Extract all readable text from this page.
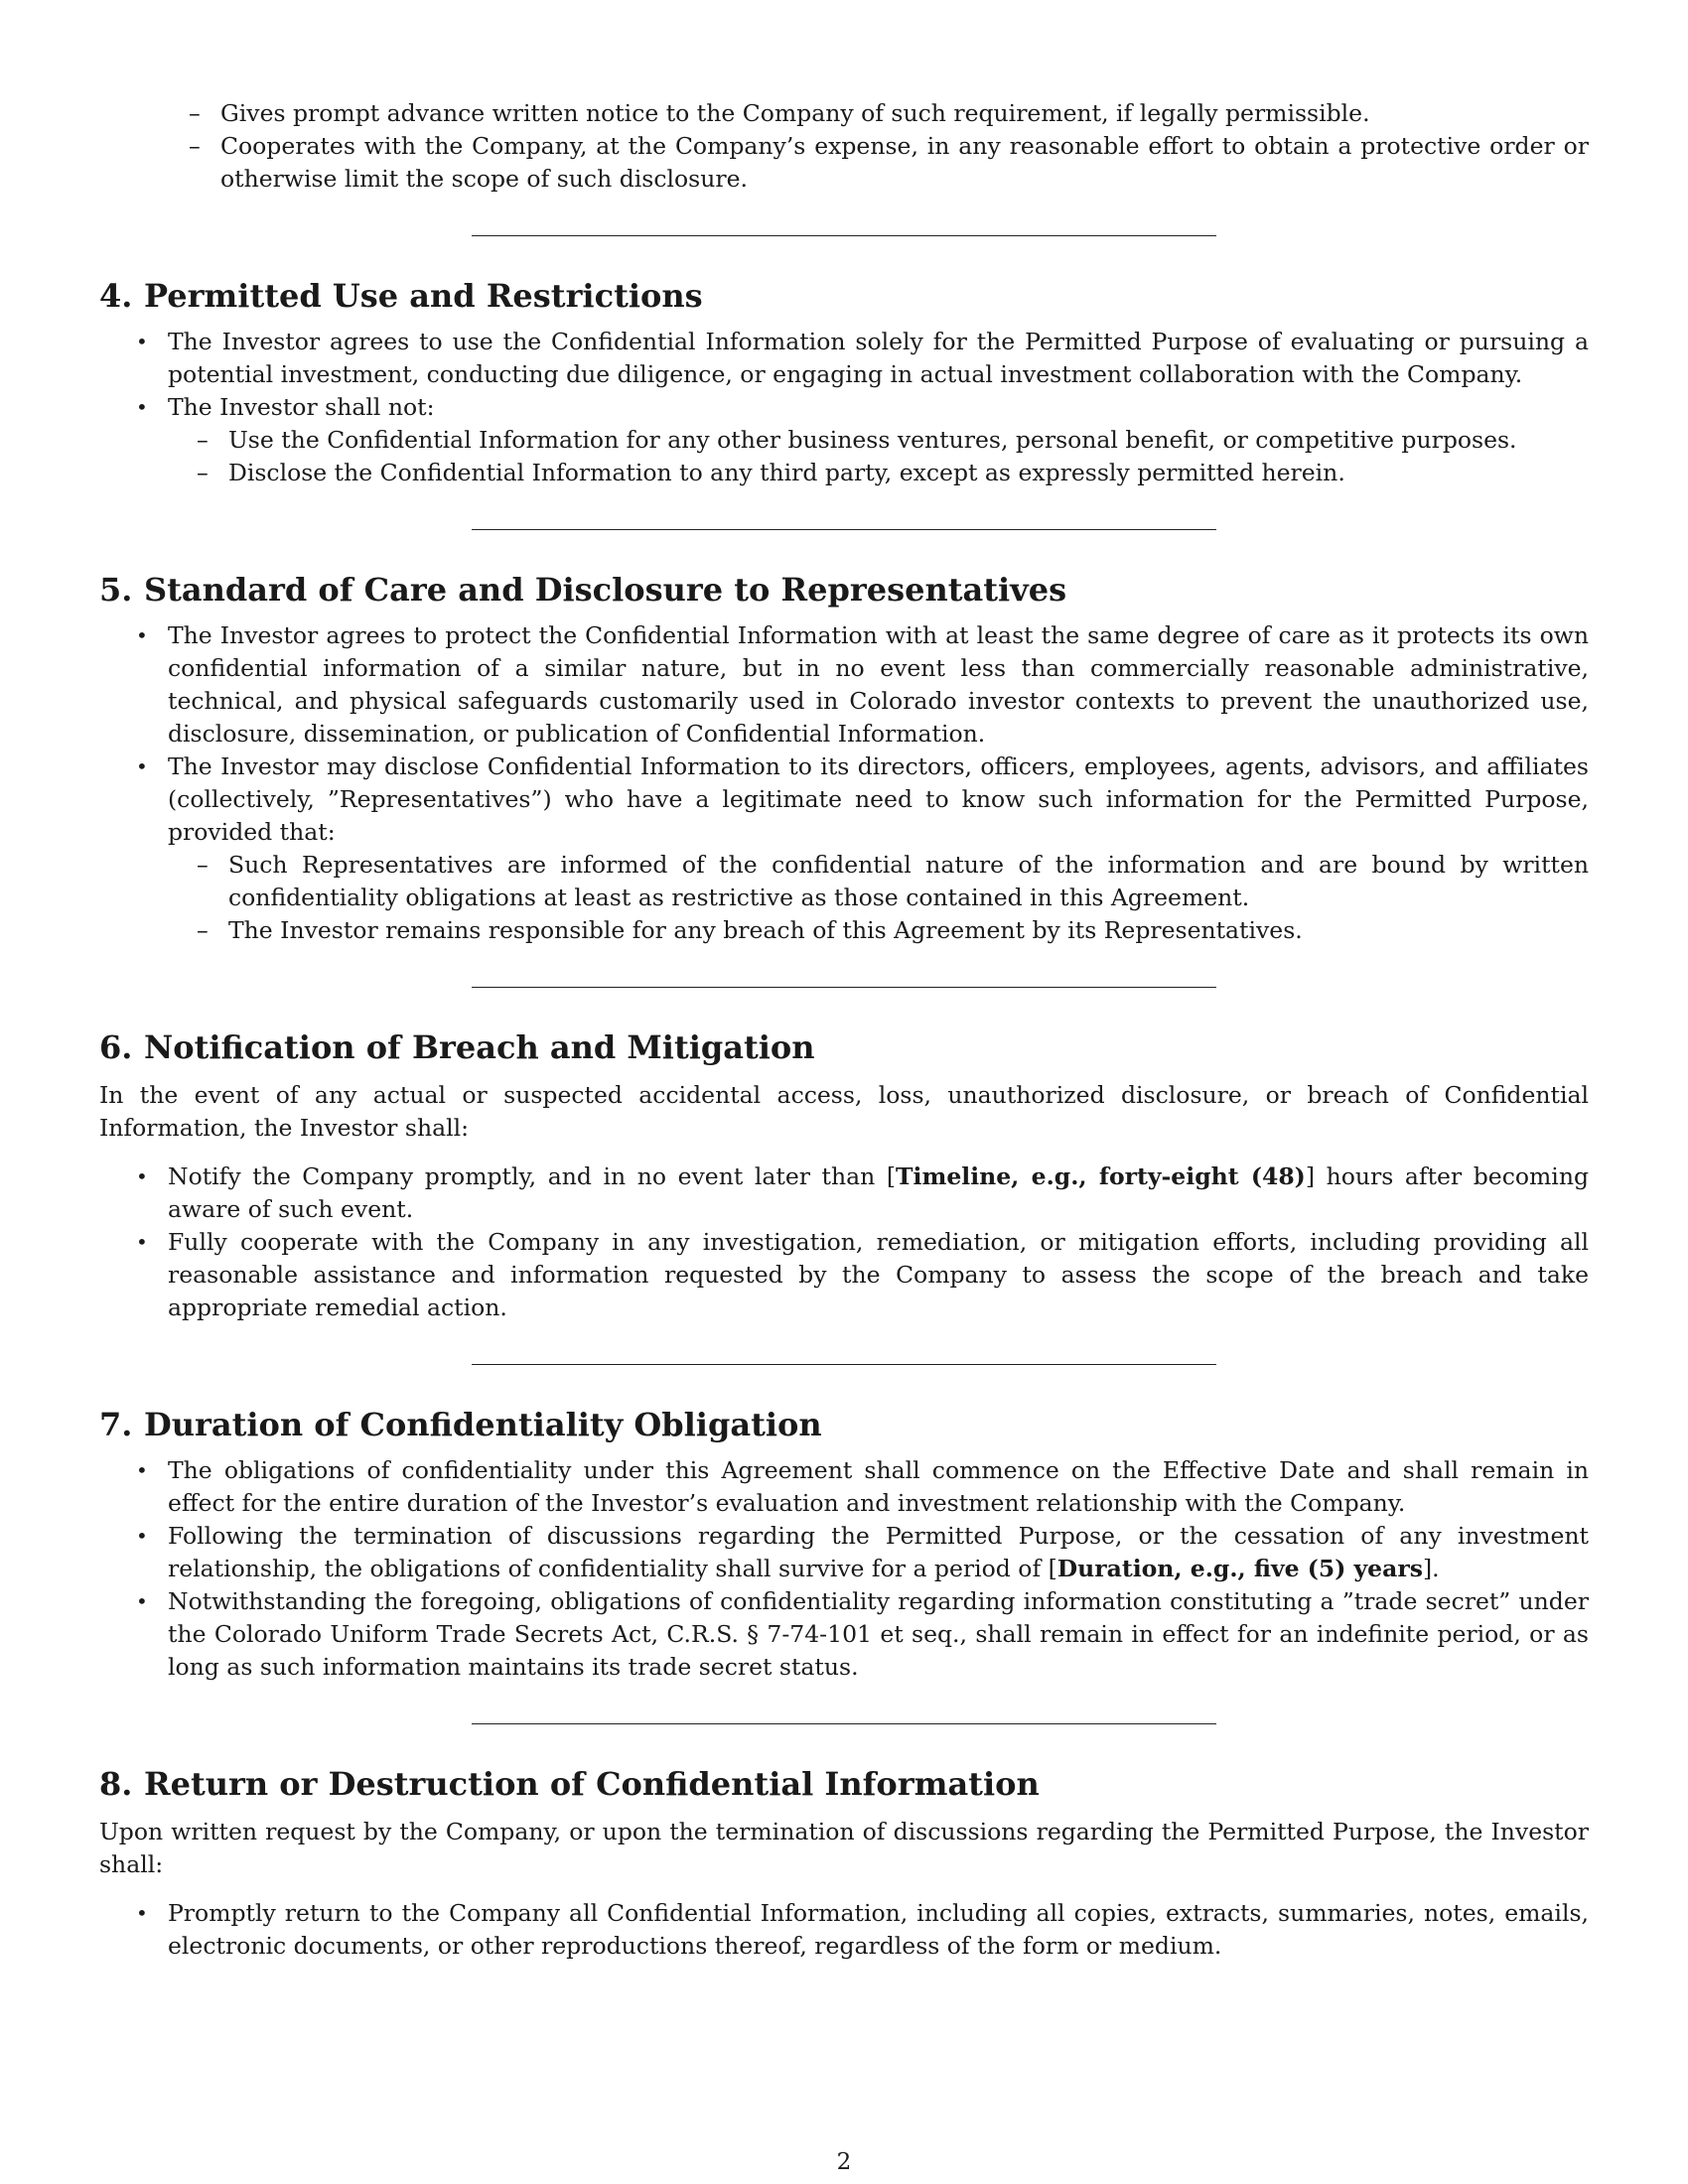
– Gives prompt advance written notice to the Company of such requirement, if legally permissible.
– Cooperates with the Company, at the Company’s expense, in any reasonable effort to obtain a protective order or otherwise limit the scope of such disclosure.
4. Permitted Use and Restrictions
• The Investor agrees to use the Confidential Information solely for the Permitted Purpose of evaluating or pursuing a potential investment, conducting due diligence, or engaging in actual investment collaboration with the Company.
• The Investor shall not:
– Use the Confidential Information for any other business ventures, personal benefit, or competitive purposes.
– Disclose the Confidential Information to any third party, except as expressly permitted herein.
5. Standard of Care and Disclosure to Representatives
• The Investor agrees to protect the Confidential Information with at least the same degree of care as it protects its own confidential information of a similar nature, but in no event less than commercially reasonable administrative, technical, and physical safeguards customarily used in Colorado investor contexts to prevent the unauthorized use, disclosure, dissemination, or publication of Confidential Information.
• The Investor may disclose Confidential Information to its directors, officers, employees, agents, advisors, and affiliates (collectively, ”Representatives”) who have a legitimate need to know such information for the Permitted Purpose, provided that:
– Such Representatives are informed of the confidential nature of the information and are bound by written confidentiality obligations at least as restrictive as those contained in this Agreement.
– The Investor remains responsible for any breach of this Agreement by its Representatives.
6. Notification of Breach and Mitigation

In the event of any actual or suspected accidental access, loss, unauthorized disclosure, or breach of Confidential Information, the Investor shall:

• Notify the Company promptly, and in no event later than [Timeline, e.g., forty-eight (48)] hours after becoming aware of such event.
• Fully cooperate with the Company in any investigation, remediation, or mitigation efforts, including providing all reasonable assistance and information requested by the Company to assess the scope of the breach and take appropriate remedial action.
7. Duration of Confidentiality Obligation
• The obligations of confidentiality under this Agreement shall commence on the Effective Date and shall remain in effect for the entire duration of the Investor’s evaluation and investment relationship with the Company.
• Following the termination of discussions regarding the Permitted Purpose, or the cessation of any investment relationship, the obligations of confidentiality shall survive for a period of [Duration, e.g., five (5) years].
• Notwithstanding the foregoing, obligations of confidentiality regarding information constituting a ”trade secret” under the Colorado Uniform Trade Secrets Act, C.R.S. § 7-74-101 et seq., shall remain in effect for an indefinite period, or as long as such information maintains its trade secret status.
8. Return or Destruction of Confidential Information

Upon written request by the Company, or upon the termination of discussions regarding the Permitted Purpose, the Investor shall:

• Promptly return to the Company all Confidential Information, including all copies, extracts, summaries, notes, emails, electronic documents, or other reproductions thereof, regardless of the form or medium.
2
